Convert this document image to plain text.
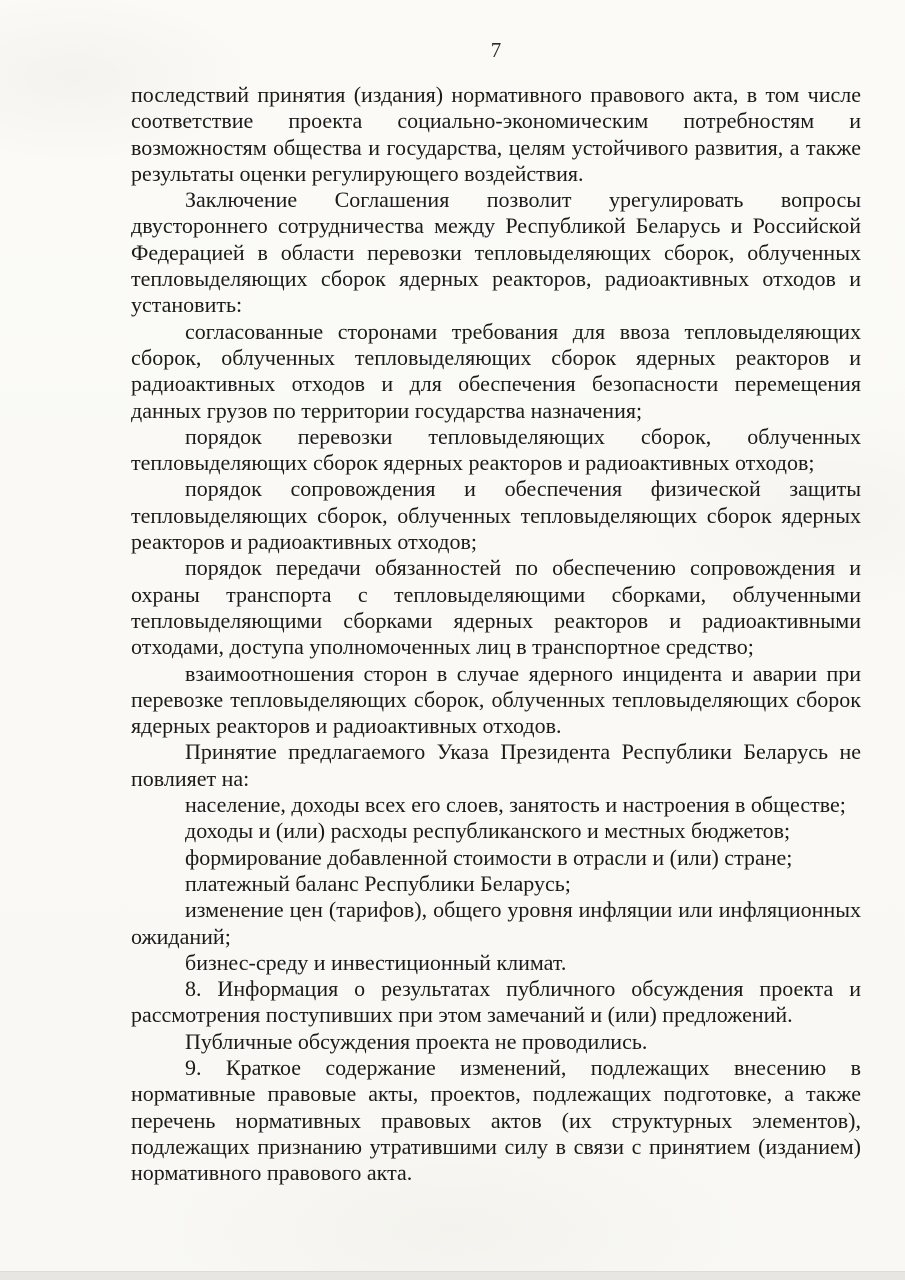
7

последствий принятия (издания) нормативного правового акта, в том числе соответствие проекта социально-экономическим потребностям и возможностям общества и государства, целям устойчивого развития, а также результаты оценки регулирующего воздействия.

Заключение Соглашения позволит урегулировать вопросы двустороннего сотрудничества между Республикой Беларусь и Российской Федерацией в области перевозки тепловыделяющих сборок, облученных тепловыделяющих сборок ядерных реакторов, радиоактивных отходов и установить:

согласованные сторонами требования для ввоза тепловыделяющих сборок, облученных тепловыделяющих сборок ядерных реакторов и радиоактивных отходов и для обеспечения безопасности перемещения данных грузов по территории государства назначения;

порядок перевозки тепловыделяющих сборок, облученных тепловыделяющих сборок ядерных реакторов и радиоактивных отходов;

порядок сопровождения и обеспечения физической защиты тепловыделяющих сборок, облученных тепловыделяющих сборок ядерных реакторов и радиоактивных отходов;

порядок передачи обязанностей по обеспечению сопровождения и охраны транспорта с тепловыделяющими сборками, облученными тепловыделяющими сборками ядерных реакторов и радиоактивными отходами, доступа уполномоченных лиц в транспортное средство;

взаимоотношения сторон в случае ядерного инцидента и аварии при перевозке тепловыделяющих сборок, облученных тепловыделяющих сборок ядерных реакторов и радиоактивных отходов.

Принятие предлагаемого Указа Президента Республики Беларусь не повлияет на:

население, доходы всех его слоев, занятость и настроения в обществе;

доходы и (или) расходы республиканского и местных бюджетов;

формирование добавленной стоимости в отрасли и (или) стране;

платежный баланс Республики Беларусь;

изменение цен (тарифов), общего уровня инфляции или инфляционных ожиданий;

бизнес-среду и инвестиционный климат.

8. Информация о результатах публичного обсуждения проекта и рассмотрения поступивших при этом замечаний и (или) предложений.

Публичные обсуждения проекта не проводились.

9. Краткое содержание изменений, подлежащих внесению в нормативные правовые акты, проектов, подлежащих подготовке, а также перечень нормативных правовых актов (их структурных элементов), подлежащих признанию утратившими силу в связи с принятием (изданием) нормативного правового акта.
